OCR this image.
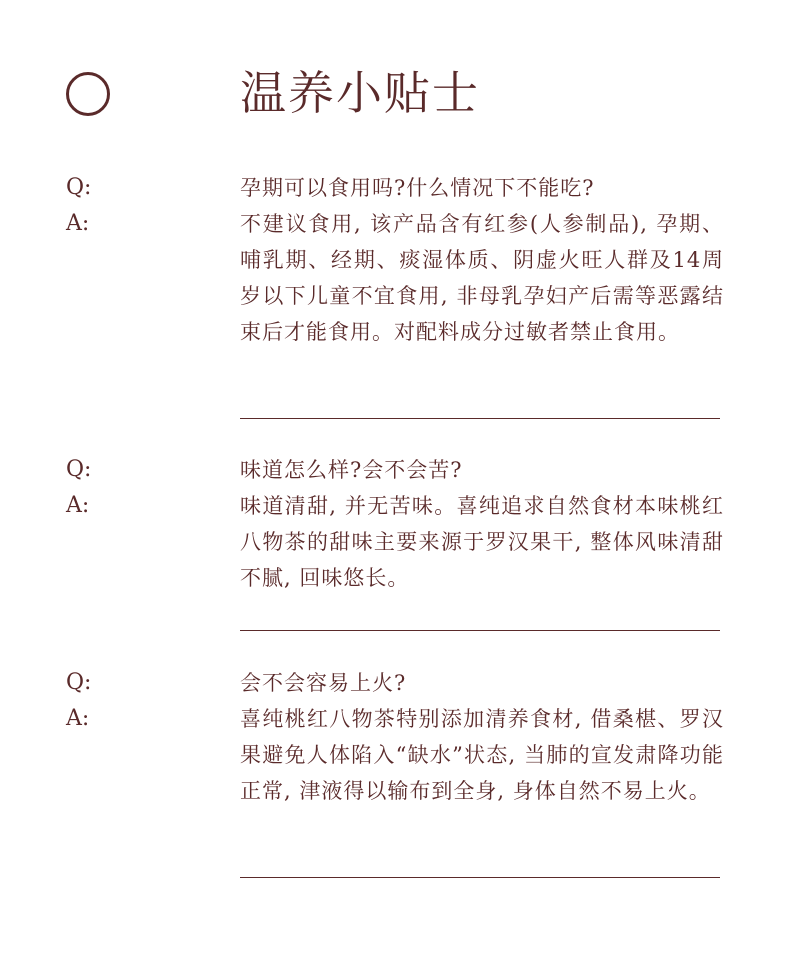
温养小贴士
Q:	孕期可以食用吗?什么情况下不能吃?
A:	不建议食用, 该产品含有红参(人参制品), 孕期、哺乳期、经期、痰湿体质、阴虚火旺人群及14周岁以下儿童不宜食用, 非母乳孕妇产后需等恶露结束后才能食用。对配料成分过敏者禁止食用。
Q:	味道怎么样?会不会苦?
A:	味道清甜, 并无苦味。喜纯追求自然食材本味桃红八物茶的甜味主要来源于罗汉果干, 整体风味清甜不腻, 回味悠长。
Q:	会不会容易上火?
A:	喜纯桃红八物茶特别添加清养食材, 借桑椹、罗汉果避免人体陷入“缺水”状态, 当肺的宣发肃降功能正常, 津液得以输布到全身, 身体自然不易上火。
